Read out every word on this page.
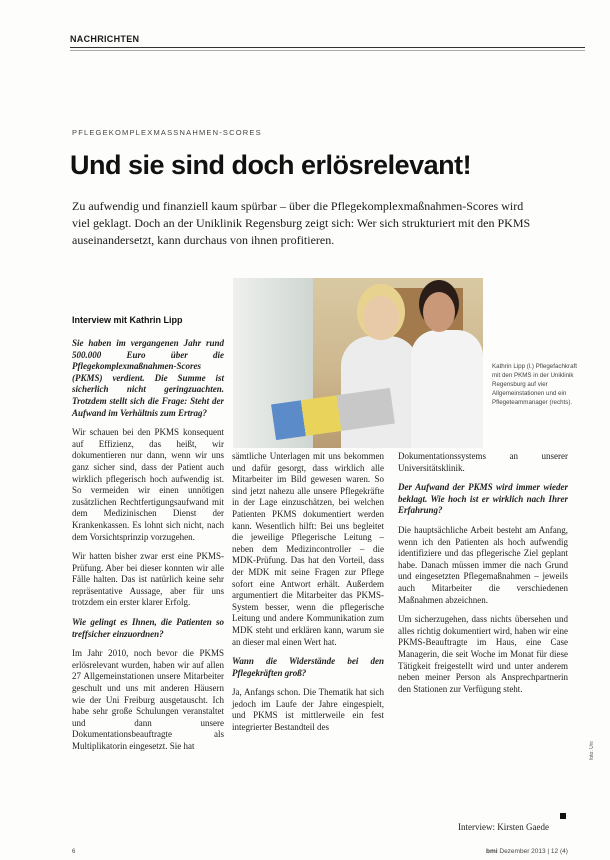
NACHRICHTEN
PFLEGEKOMPLEXMASSNAHMEN-SCORES
Und sie sind doch erlösrelevant!
Zu aufwendig und finanziell kaum spürbar – über die Pflegekomplexmaßnahmen-Scores wird viel geklagt. Doch an der Uniklinik Regensburg zeigt sich: Wer sich strukturiert mit den PKMS auseinandersetzt, kann durchaus von ihnen profitieren.
Interview mit Kathrin Lipp
Kathrin Lipp (l.) Pflegefachkraft mit den PKMS in der Uniklinik Regensburg auf vier Allgemeinstationen und ein Pflegeteammanager (rechts).

Sie haben im vergangenen Jahr rund 500.000 Euro über die Pflegekomplexmaßnahmen-Scores (PKMS) verdient. Die Summe ist sicherlich nicht geringzuachten. Trotzdem stellt sich die Frage: Steht der Aufwand im Verhältnis zum Ertrag?

Wir schauen bei den PKMS konsequent auf Effizienz, das heißt, wir dokumentieren nur dann, wenn wir uns ganz sicher sind, dass der Patient auch wirklich pflegerisch hoch aufwendig ist. So vermeiden wir einen unnötigen zusätzlichen Rechtfertigungsaufwand mit dem Medizinischen Dienst der Krankenkassen. Es lohnt sich nicht, nach dem Vorsichtsprinzip vorzugehen.

Wir hatten bisher zwar erst eine PKMS-Prüfung. Aber bei dieser konnten wir alle Fälle halten. Das ist natürlich keine sehr repräsentative Aussage, aber für uns trotzdem ein erster klarer Erfolg.

Wie gelingt es Ihnen, die Patienten so treffsicher einzuordnen?

Im Jahr 2010, noch bevor die PKMS erlösrelevant wurden, haben wir auf allen 27 Allgemeinstationen unsere Mitarbeiter geschult und uns mit anderen Häusern wie der Uni Freiburg ausgetauscht. Ich habe sehr große Schulungen veranstaltet und dann unsere Dokumentationsbeauftragte als Multiplikatorin eingesetzt. Sie hat

sämtliche Unterlagen mit uns bekommen und dafür gesorgt, dass wirklich alle Mitarbeiter im Bild gewesen waren. So sind jetzt nahezu alle unsere Pflegekräfte in der Lage einzuschätzen, bei welchen Patienten PKMS dokumentiert werden kann. Wesentlich hilft: Bei uns begleitet die jeweilige Pflegerische Leitung – neben dem Medizincontroller – die MDK-Prüfung. Das hat den Vorteil, dass der MDK mit seine Fragen zur Pflege sofort eine Antwort erhält. Außerdem argumentiert die Mitarbeiter das PKMS-System besser, wenn die pflegerische Leitung und andere Kommunikation zum MDK steht und erklären kann, warum sie an dieser mal einen Wert hat.

Wann die Widerstände bei den Pflegekräften groß?

Ja, Anfangs schon. Die Thematik hat sich jedoch im Laufe der Jahre eingespielt, und PKMS ist mittlerweile ein fest integrierter Bestandteil des

Dokumentationssystems an unserer Universitätsklinik.

Der Aufwand der PKMS wird immer wieder beklagt. Wie hoch ist er wirklich nach Ihrer Erfahrung?

Die hauptsächliche Arbeit besteht am Anfang, wenn ich den Patienten als hoch aufwendig identifiziere und das pflegerische Ziel geplant habe. Danach müssen immer die nach Grund und eingesetzten Pflegemaßnahmen – jeweils auch Mitarbeiter die verschiedenen Maßnahmen abzeichnen.

Um sicherzugehen, dass nichts übersehen und alles richtig dokumentiert wird, haben wir eine PKMS-Beauftragte im Haus, eine Case Managerin, die seit Woche im Monat für diese Tätigkeit freigestellt wird und unter anderem neben meiner Person als Ansprechpartnerin den Stationen zur Verfügung steht.

Interview: Kirsten Gaede
6	bmi Dezember 2013 | 12 (4)
foto: Uni
